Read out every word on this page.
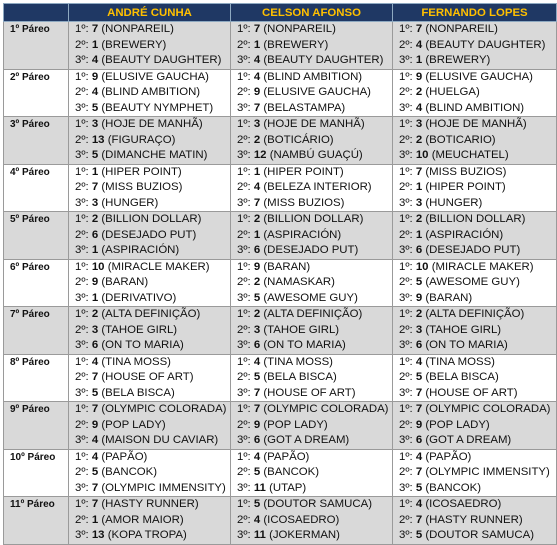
	ANDRÉ CUNHA	CELSON AFONSO	FERNANDO LOPES
1º Páreo	1º: 7 (NONPAREIL)
2º: 1 (BREWERY)
3º: 4 (BEAUTY DAUGHTER)	1º: 7 (NONPAREIL)
2º: 1 (BREWERY)
3º: 4 (BEAUTY DAUGHTER)	1º: 7 (NONPAREIL)
2º: 4 (BEAUTY DAUGHTER)
3º: 1 (BREWERY)

2º Páreo	1º: 9 (ELUSIVE GAUCHA)
2º: 4 (BLIND AMBITION)
3º: 5 (BEAUTY NYMPHET)	1º: 4 (BLIND AMBITION)
2º: 9 (ELUSIVE GAUCHA)
3º: 7 (BELASTAMPA)	1º: 9 (ELUSIVE GAUCHA)
2º: 2 (HUELGA)
3º: 4 (BLIND AMBITION)

3º Páreo	1º: 3 (HOJE DE MANHÃ)
2º: 13 (FIGURAÇO)
3º: 5 (DIMANCHE MATIN)	1º: 3 (HOJE DE MANHÃ)
2º: 2 (BOTICÁRIO)
3º: 12 (NAMBÚ GUAÇÚ)	1º: 3 (HOJE DE MANHÃ)
2º: 2 (BOTICARIO)
3º: 10 (MEUCHATEL)

4º Páreo	1º: 1 (HIPER POINT)
2º: 7 (MISS BUZIOS)
3º: 3 (HUNGER)	1º: 1 (HIPER POINT)
2º: 4 (BELEZA INTERIOR)
3º: 7 (MISS BUZIOS)	1º: 7 (MISS BUZIOS)
2º: 1 (HIPER POINT)
3º: 3 (HUNGER)

5º Páreo	1º: 2 (BILLION DOLLAR)
2º: 6 (DESEJADO PUT)
3º: 1 (ASPIRACIÓN)	1º: 2 (BILLION DOLLAR)
2º: 1 (ASPIRACIÓN)
3º: 6 (DESEJADO PUT)	1º: 2 (BILLION DOLLAR)
2º: 1 (ASPIRACIÓN)
3º: 6 (DESEJADO PUT)

6º Páreo	1º: 10 (MIRACLE MAKER)
2º: 9 (BARAN)
3º: 1 (DERIVATIVO)	1º: 9 (BARAN)
2º: 2 (NAMASKAR)
3º: 5 (AWESOME GUY)	1º: 10 (MIRACLE MAKER)
2º: 5 (AWESOME GUY)
3º: 9 (BARAN)

7º Páreo	1º: 2 (ALTA DEFINIÇÃO)
2º: 3 (TAHOE GIRL)
3º: 6 (ON TO MARIA)	1º: 2 (ALTA DEFINIÇÃO)
2º: 3 (TAHOE GIRL)
3º: 6 (ON TO MARIA)	1º: 2 (ALTA DEFINIÇÃO)
2º: 3 (TAHOE GIRL)
3º: 6 (ON TO MARIA)

8º Páreo	1º: 4 (TINA MOSS)
2º: 7 (HOUSE OF ART)
3º: 5 (BELA BISCA)	1º: 4 (TINA MOSS)
2º: 5 (BELA BISCA)
3º: 7 (HOUSE OF ART)	1º: 4 (TINA MOSS)
2º: 5 (BELA BISCA)
3º: 7 (HOUSE OF ART)

9º Páreo	1º: 7 (OLYMPIC COLORADA)
2º: 9 (POP LADY)
3º: 4 (MAISON DU CAVIAR)	1º: 7 (OLYMPIC COLORADA)
2º: 9 (POP LADY)
3º: 6 (GOT A DREAM)	1º: 7 (OLYMPIC COLORADA)
2º: 9 (POP LADY)
3º: 6 (GOT A DREAM)

10º Páreo	1º: 4 (PAPÃO)
2º: 5 (BANCOK)
3º: 7 (OLYMPIC IMMENSITY)	1º: 4 (PAPÃO)
2º: 5 (BANCOK)
3º: 11 (UTAP)	1º: 4 (PAPÃO)
2º: 7 (OLYMPIC IMMENSITY)
3º: 5 (BANCOK)

11º Páreo	1º: 7 (HASTY RUNNER)
2º: 1 (AMOR MAIOR)
3º: 13 (KOPA TROPA)	1º: 5 (DOUTOR SAMUCA)
2º: 4 (ICOSAEDRO)
3º: 11 (JOKERMAN)	1º: 4 (ICOSAEDRO)
2º: 7 (HASTY RUNNER)
3º: 5 (DOUTOR SAMUCA)
